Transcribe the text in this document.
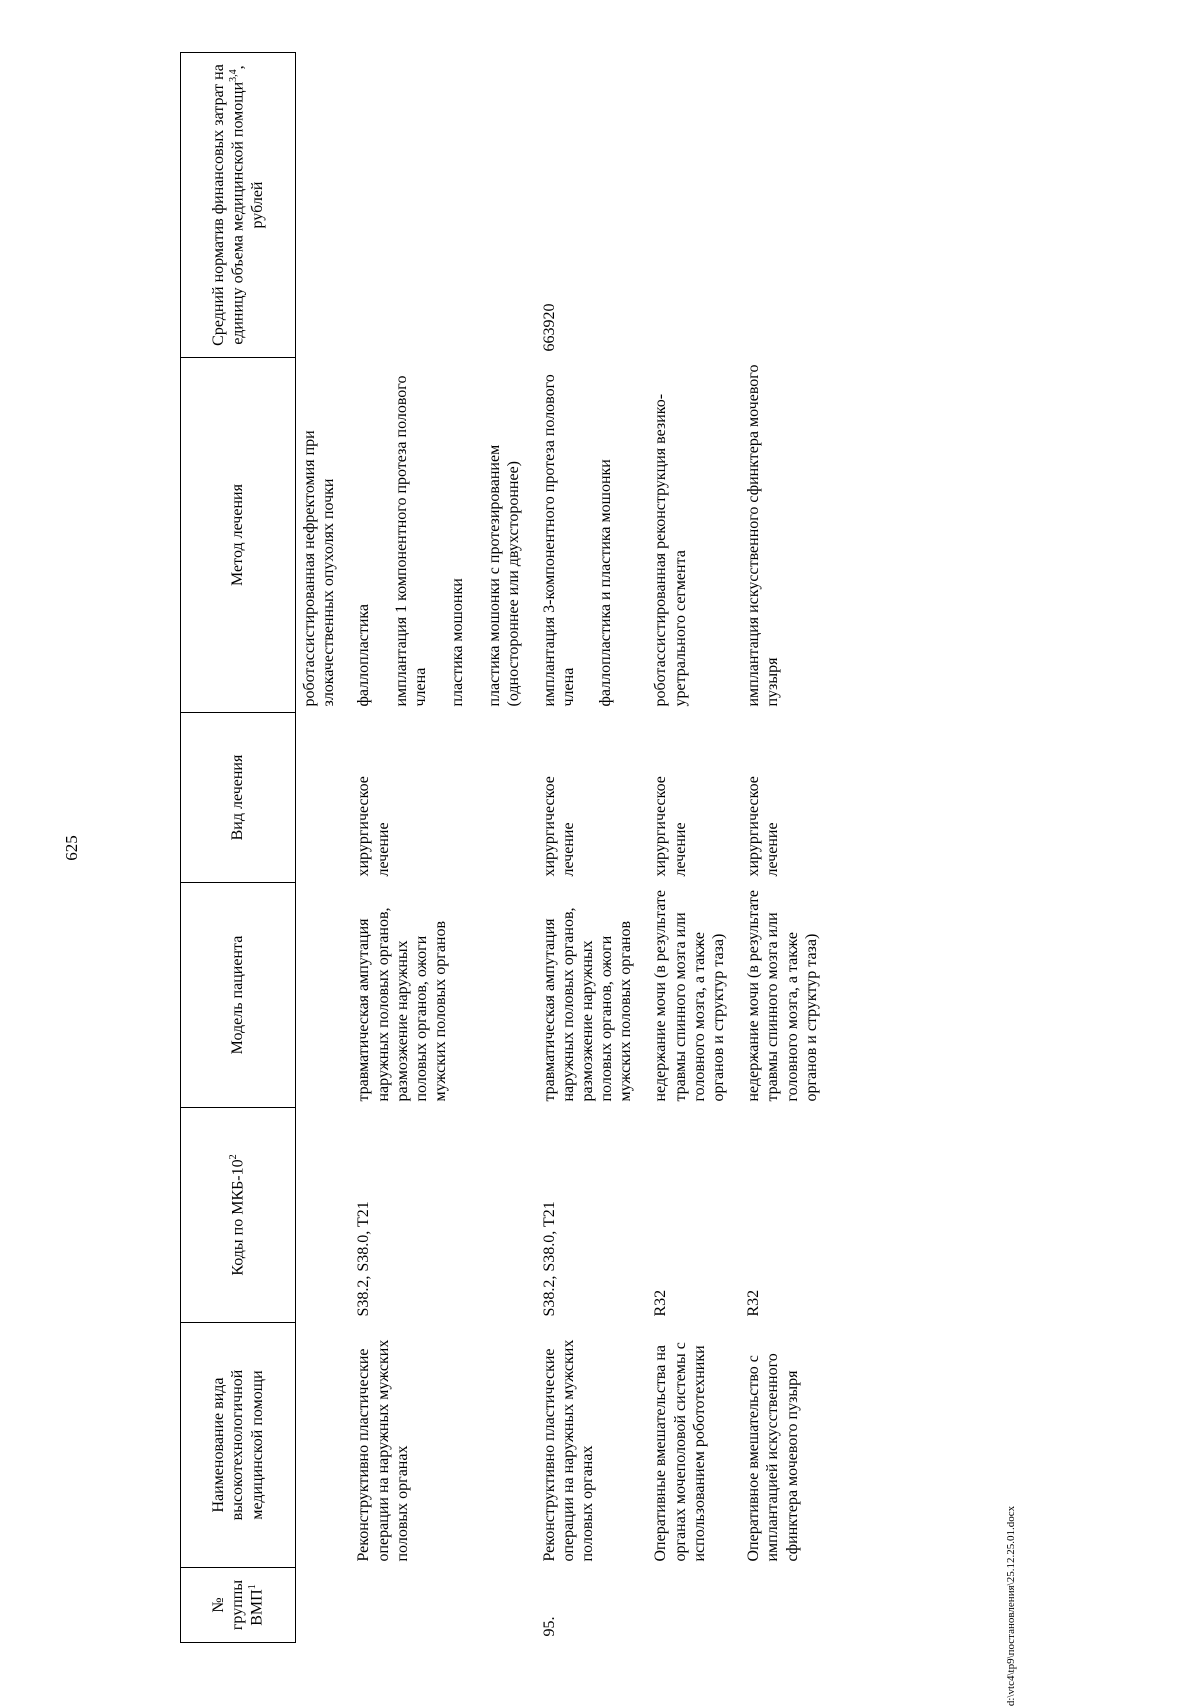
625
№ группы ВМП$^1$	Наименование вида высокотехнологичной медицинской помощи	Коды по МКБ-$10^2$	Модель пациента	Вид лечения	Метод лечения	Средний норматив финансовых затрат на единицу объема медицинской помощи$^{3,4}$, рублей

					роботассистированная нефректомия при злокачественных опухолях почки	

	Реконструктивно пластические операции на наружных мужских половых органах	S38.2, S38.0, T21	травматическая ампутация наружных половых органов, размозжение наружных половых органов, ожоги мужских половых органов	хирургическое лечение	фаллопластика имплантация 1 компонентного протеза полового члена пластика мошонки пластика мошонки с протезированием (одностороннее или двухстороннее)	

95.	Реконструктивно пластические операции на наружных мужских половых органах	S38.2, S38.0, T21	травматическая ампутация наружных половых органов, размозжение наружных половых органов, ожоги мужских половых органов	хирургическое лечение	имплантация 3-компонентного протеза полового члена фаллопластика и пластика мошонки	663920
	Оперативные вмешательства на органах мочеполовой системы с использованием робототехники	R32	недержание мочи (в результате травмы спинного мозга или головного мозга, а также органов и структур таза)	хирургическое лечение	роботассистированная реконструкция везико-уретрального сегмента	

	Оперативное вмешательство с имплантацией искусственного сфинктера мочевого пузыря	R32	недержание мочи (в результате травмы спинного мозга или головного мозга, а также органов и структур таза)	хирургическое лечение	имплантация искусственного сфинктера мочевого пузыря	

d:\vtc4\tp9\постановления\25.12.25.01.docx
